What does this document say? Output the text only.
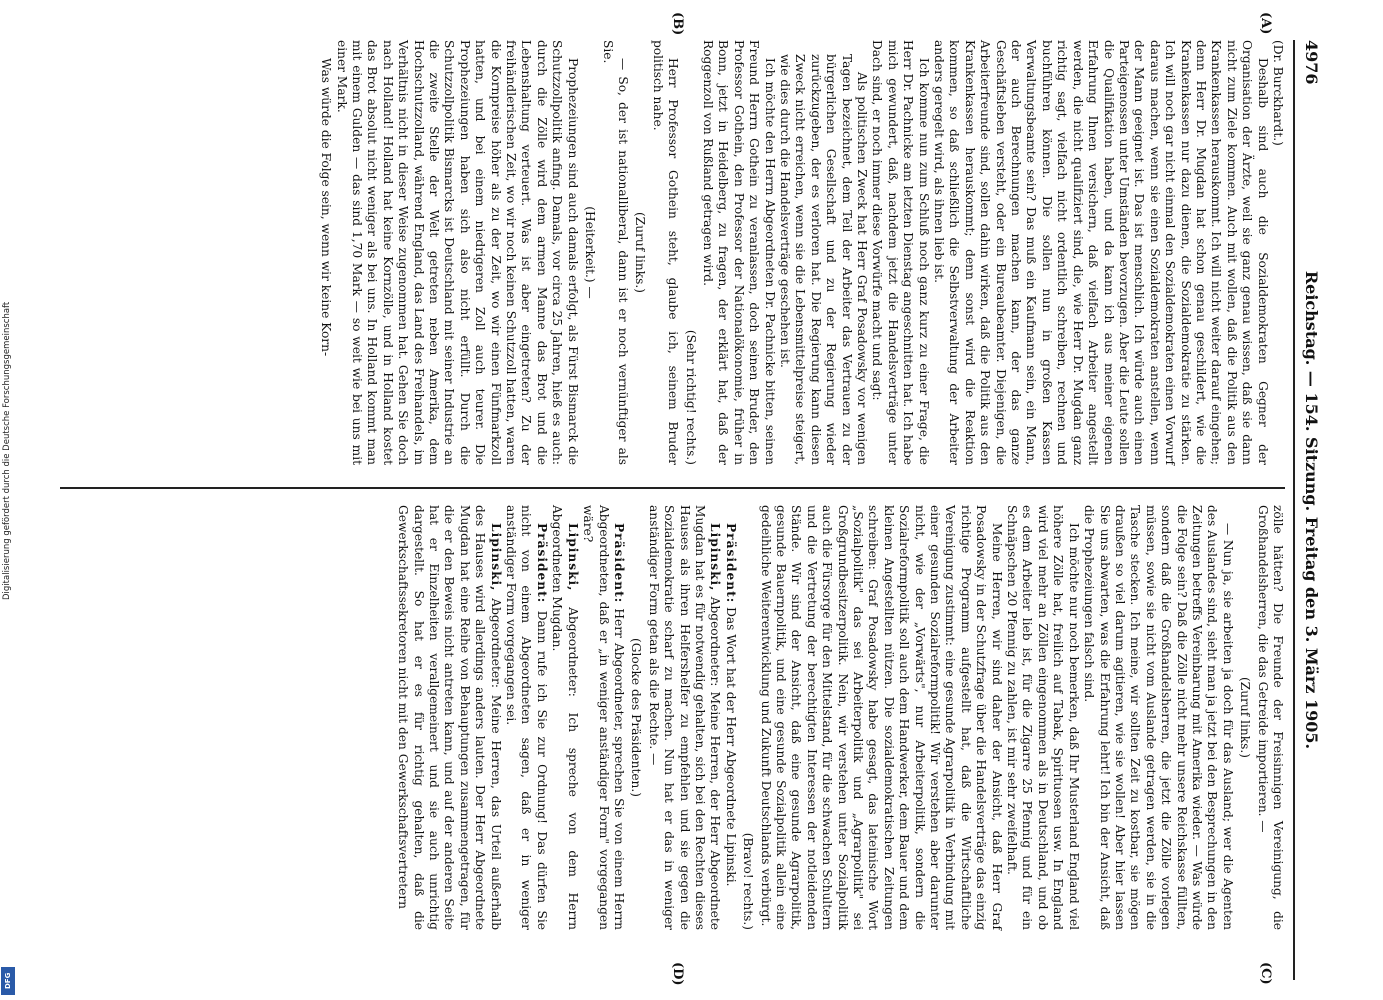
4976
Reichstag. — 154. Sitzung. Freitag den 3. März 1905.
(A)
(B)
(C)
(D)

(Dr. Burckhardt.)

Deshalb sind auch die Sozialdemokraten Gegner der Organisation der Ärzte, weil sie ganz genau wissen, daß sie dann nicht zum Ziele kommen. Auch mit wollen, daß die Politik aus den Krankenkassen herauskommt. Ich will nicht weiter darauf eingehen; denn Herr Dr. Mugdan hat schon genau geschildert, wie die Krankenkassen nur dazu dienen, die Sozialdemokratie zu stärken. Ich will noch gar nicht einmal den Sozialdemokraten einen Vorwurf daraus machen, wenn sie einen Sozialdemokraten anstellen, wenn der Mann geeignet ist. Das ist menschlich. Ich würde auch einen Parteigenossen unter Umständen bevorzugen. Aber die Leute sollen die Qualifikation haben, und da kann ich aus meiner eigenen Erfahrung Ihnen versichern, daß vielfach Arbeiter angestellt werden, die nicht qualifiziert sind, die, wie Herr Dr. Mugdan ganz richtig sagt, vielfach nicht ordentlich schreiben, rechnen und buchführen können. Die sollen nun in großen Kassen Verwaltungsbeamte sein? Das muß ein Kaufmann sein, ein Mann, der auch Berechnungen machen kann, der das ganze Geschäftsleben versteht, oder ein Bureaubeamter. Diejenigen, die Arbeiterfreunde sind, sollen dahin wirken, daß die Politik aus den Krankenkassen herauskommt; denn sonst wird die Reaktion kommen, so daß schließlich die Selbstverwaltung der Arbeiter anders geregelt wird, als ihnen lieb ist.

Ich komme nun zum Schluß noch ganz kurz zu einer Frage, die Herr Dr. Pachnicke am letzten Dienstag angeschnitten hat. Ich habe mich gewundert, daß, nachdem jetzt die Handelsverträge unter Dach sind, er noch immer diese Vorwürfe macht und sagt:

Als politischen Zweck hat Herr Graf Posadowsky vor wenigen Tagen bezeichnet, dem Teil der Arbeiter das Vertrauen zu der bürgerlichen Gesellschaft und zu der Regierung wieder zurückzugeben, der es verloren hat. Die Regierung kann diesen Zweck nicht erreichen, wenn sie die Lebensmittelpreise steigert, wie dies durch die Handelsverträge geschehen ist.

Ich möchte den Herrn Abgeordneten Dr. Pachnicke bitten, seinen Freund Herrn Gothein zu veranlassen, doch seinen Bruder, den Professor Gothein, den Professor der Nationalökonomie, früher in Bonn, jetzt in Heidelberg, zu fragen, der erklärt hat, daß der Roggenzoll von Rußland getragen wird.

(Sehr richtig! rechts.)

Herr Professor Gothein steht, glaube ich, seinem Bruder politisch nahe.

(Zuruf links.)

— So, der ist nationalliberal, dann ist er noch vernünftiger als Sie.

(Heiterkeit.) —

Prophezeiungen sind auch damals erfolgt, als Fürst Bismarck die Schutzzollpolitik anfing. Damals, vor circa 25 Jahren, hieß es auch: durch die Zölle wird dem armen Manne das Brot und die Lebenshaltung verteuert. Was ist aber eingetreten? Zu der freihändlerischen Zeit, wo wir noch keinen Schutzzoll hatten, waren die Kornpreise höher als zu der Zeit, wo wir einen Fünfmarkzoll hatten, und bei einem niedrigeren Zoll auch teurer. Die Prophezeiungen haben sich also nicht erfüllt. Durch die Schutzzollpolitik Bismarcks ist Deutschland mit seiner Industrie an die zweite Stelle der Welt getreten neben Amerika, dem Hochschutzzolland, während England, das Land des Freihandels, im Verhältnis nicht in dieser Weise zugenommen hat. Gehen Sie doch nach Holland! Holland hat keine Kornzölle, und in Holland kostet das Brot absolut nicht weniger als bei uns. In Holland kommt man mit einem Gulden — das sind 1,70 Mark — so weit wie bei uns mit einer Mark.

Was würde die Folge sein, wenn wir keine Korn-

zölle hätten? Die Freunde der Freisinnigen Vereinigung, die Großhandelsherren, die das Getreide importieren. —

(Zuruf links.)

— Nun ja, sie arbeiten ja doch für das Ausland; wer die Agenten des Auslandes sind, sieht man ja jetzt bei den Besprechungen in den Zeitungen betreffs Vereinbarung mit Amerika wieder. — Was würde die Folge sein? Daß die Zölle nicht mehr unsere Reichskasse füllten, sondern daß die Großhandelsherren, die jetzt die Zölle vorlegen müssen, sowie sie nicht vom Auslande getragen werden, sie in die Tasche stecken. Ich meine, wir sollten Zeit zu kostbar, sie mögen draußen so viel darum agitieren, wie sie wollen! Aber hier lassen Sie uns abwarten, was die Erfahrung lehrt! Ich bin der Ansicht, daß die Prophezeiungen falsch sind.

Ich möchte nur noch bemerken, daß Ihr Musterland England viel höhere Zölle hat, freilich auf Tabak, Spirituosen usw. In England wird viel mehr an Zöllen eingenommen als in Deutschland, und ob es dem Arbeiter lieb ist, für die Zigarre 25 Pfennig und für ein Schnäpschen 20 Pfennig zu zahlen, ist mir sehr zweifelhaft.

Meine Herren, wir sind daher der Ansicht, daß Herr Graf Posadowsky in der Schutzfrage über die Handelsverträge das einzig richtige Programm aufgestellt hat, daß die Wirtschaftliche Vereinigung zustimmt: eine gesunde Agrarpolitik in Verbindung mit einer gesunden Sozialreformpolitik! Wir verstehen aber darunter nicht, wie der „Vorwärts", nur Arbeiterpolitik, sondern die Sozialreformpolitik soll auch dem Handwerker, dem Bauer und dem kleinen Angestellten nützen. Die sozialdemokratischen Zeitungen schreiben: Graf Posadowsky habe gesagt, das lateinische Wort „Sozialpolitik" das sei Arbeiterpolitik und „Agrarpolitik" sei Großgrundbesitzerpolitik. Nein, wir verstehen unter Sozialpolitik auch die Fürsorge für den Mittelstand, für die schwachen Schultern und die Vertretung der berechtigten Interessen der notleidenden Stände. Wir sind der Ansicht, daß eine gesunde Agrarpolitik, gesunde Bauernpolitik, und eine gesunde Sozialpolitik allein eine gedeihliche Weiterentwicklung und Zukunft Deutschlands verbürgt.

(Bravo! rechts.)

Präsident: Das Wort hat der Herr Abgeordnete Lipinski.

Lipinski, Abgeordneter: Meine Herren, der Herr Abgeordnete Mugdan hat es für notwendig gehalten, sich bei den Rechten dieses Hauses als ihren Helfershelfer zu empfehlen und sie gegen die Sozialdemokratie scharf zu machen. Nun hat er das in weniger anständiger Form getan als die Rechte. —

(Glocke des Präsidenten.)

Präsident: Herr Abgeordneter, sprechen Sie von einem Herrn Abgeordneten, daß er „in weniger anständiger Form" vorgegangen wäre?

Lipinski, Abgeordneter: Ich spreche von dem Herrn Abgeordneten Mugdan.

Präsident: Dann rufe ich Sie zur Ordnung! Das dürfen Sie nicht von einem Abgeordneten sagen, daß er in weniger anständiger Form vorgegangen sei.

Lipinski, Abgeordneter: Meine Herren, das Urteil außerhalb des Hauses wird allerdings anders lauten. Der Herr Abgeordnete Mugdan hat eine Reihe von Behauptungen zusammengetragen, für die er den Beweis nicht antreten kann, und auf der anderen Seite hat er Einzelheiten verallgemeinert und sie auch unrichtig dargestellt. So hat er es für richtig gehalten, daß die Gewerkschaftssekretoren nicht mit den Gewerkschaftsvertretern

Digitalisierung gefördert durch die Deutsche Forschungsgemeinschaft
DFG
